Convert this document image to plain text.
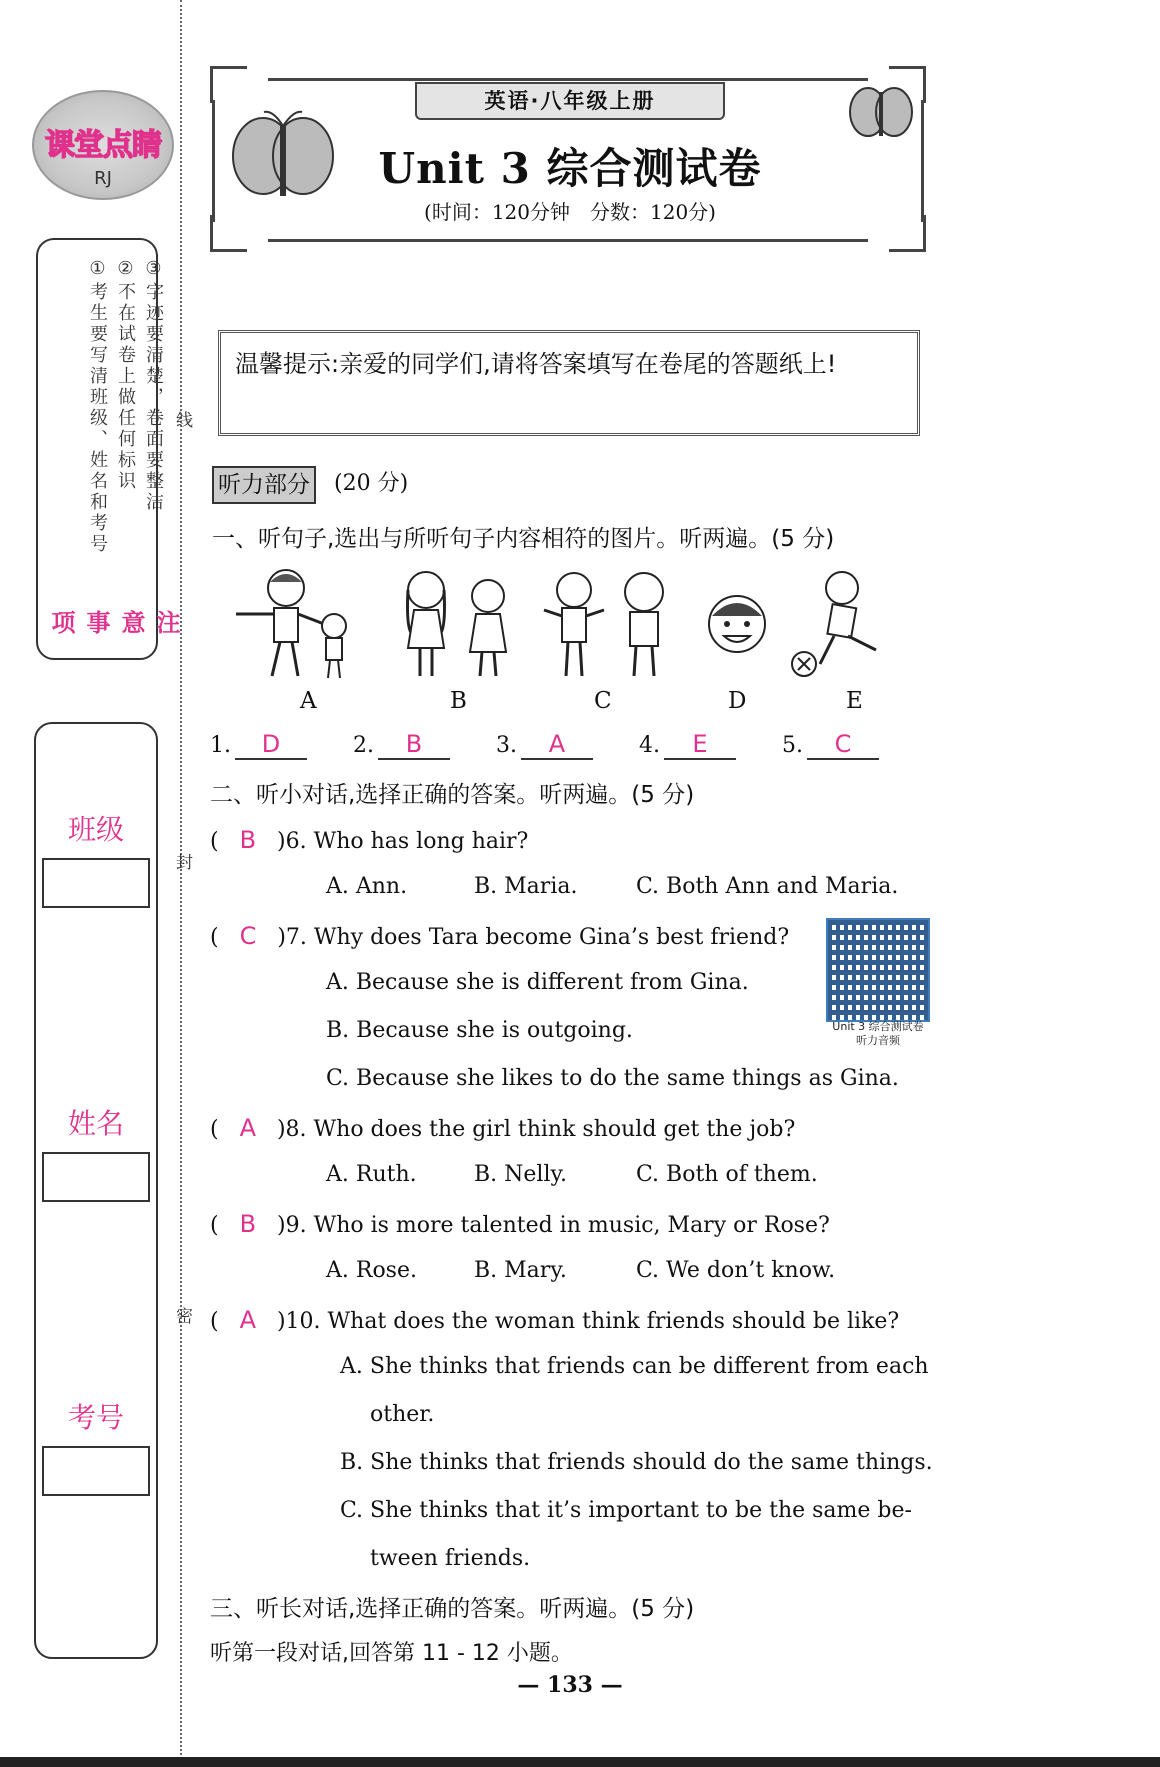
课堂点睛
RJ
注意事项
①考生要写清班级、姓名和考号 ②不在试卷上做任何标识 ③字迹要清楚，卷面要整洁
班级
姓名
考号
线
封
密
英语·八年级上册
Unit 3 综合测试卷
(时间：120分钟　分数：120分)
温馨提示:亲爱的同学们,请将答案填写在卷尾的答题纸上!
听力部分 (20 分)
一、听句子,选出与所听句子内容相符的图片。听两遍。(5 分)
A	B	C	D	E
1. D	2. B	3. A	4. E	5. C
二、听小对话,选择正确的答案。听两遍。(5 分)
(   B )6. Who has long hair?
A. Ann.	B. Maria.	C. Both Ann and Maria.
(   C )7. Why does Tara become Gina’s best friend?
A. Because she is different from Gina.
B. Because she is outgoing.
C. Because she likes to do the same things as Gina.
Unit 3 综合测试卷
听力音频
(   A )8. Who does the girl think should get the job?
A. Ruth.	B. Nelly.	C. Both of them.
(   B )9. Who is more talented in music, Mary or Rose?
A. Rose.	B. Mary.	C. We don’t know.
(   A )10. What does the woman think friends should be like?
A. She thinks that friends can be different from each
other.
B. She thinks that friends should do the same things.
C. She thinks that it’s important to be the same be-
tween friends.
三、听长对话,选择正确的答案。听两遍。(5 分)
听第一段对话,回答第 11 - 12 小题。
— 133 —
